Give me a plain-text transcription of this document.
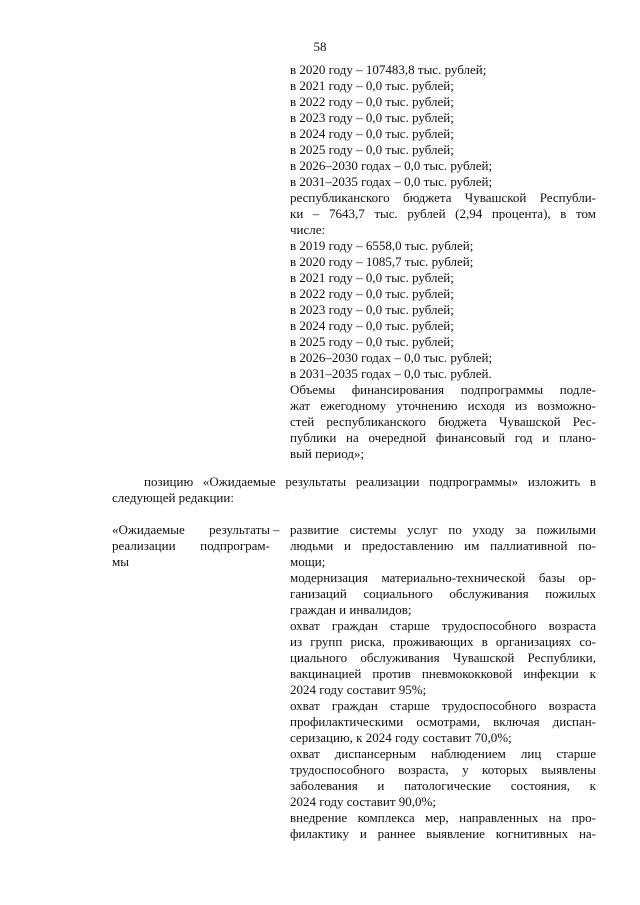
58
в 2020 году – 107483,8 тыс. рублей;
в 2021 году – 0,0 тыс. рублей;
в 2022 году – 0,0 тыс. рублей;
в 2023 году – 0,0 тыс. рублей;
в 2024 году – 0,0 тыс. рублей;
в 2025 году – 0,0 тыс. рублей;
в 2026–2030 годах – 0,0 тыс. рублей;
в 2031–2035 годах – 0,0 тыс. рублей;
республиканского бюджета Чувашской Республи-
ки – 7643,7 тыс. рублей (2,94 процента), в том
числе:
в 2019 году – 6558,0 тыс. рублей;
в 2020 году – 1085,7 тыс. рублей;
в 2021 году – 0,0 тыс. рублей;
в 2022 году – 0,0 тыс. рублей;
в 2023 году – 0,0 тыс. рублей;
в 2024 году – 0,0 тыс. рублей;
в 2025 году – 0,0 тыс. рублей;
в 2026–2030 годах – 0,0 тыс. рублей;
в 2031–2035 годах – 0,0 тыс. рублей.
Объемы финансирования подпрограммы подле-
жат ежегодному уточнению исходя из возможно-
стей республиканского бюджета Чувашской Рес-
публики на очередной финансовый год и плано-
вый период»;
позицию «Ожидаемые результаты реализации подпрограммы» изложить в
следующей редакции:
«Ожидаемые результаты
реализации подпрограм-
мы
– развитие системы услуг по уходу за пожилыми
людьми и предоставлению им паллиативной по-
мощи;
модернизация материально-технической базы ор-
ганизаций социального обслуживания пожилых
граждан и инвалидов;
охват граждан старше трудоспособного возраста
из групп риска, проживающих в организациях со-
циального обслуживания Чувашской Республики,
вакцинацией против пневмококковой инфекции к
2024 году составит 95%;
охват граждан старше трудоспособного возраста
профилактическими осмотрами, включая диспан-
серизацию, к 2024 году составит 70,0%;
охват диспансерным наблюдением лиц старше
трудоспособного возраста, у которых выявлены
заболевания и патологические состояния, к
2024 году составит 90,0%;
внедрение комплекса мер, направленных на про-
филактику и раннее выявление когнитивных на-
